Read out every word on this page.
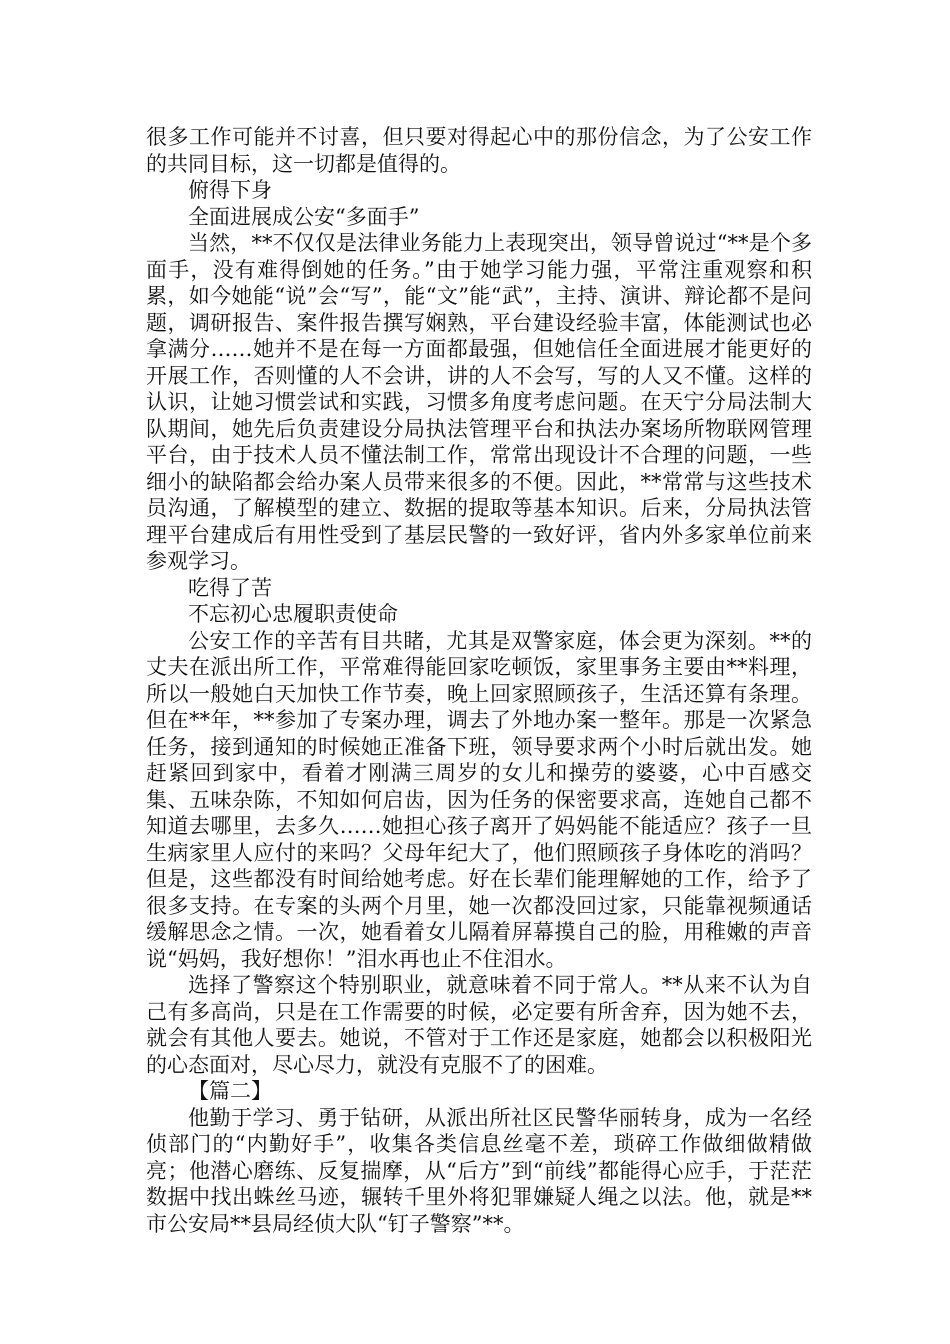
很多工作可能并不讨喜，但只要对得起心中的那份信念，为了公安工作的共同目标，这一切都是值得的。

俯得下身

全面进展成公安“多面手”

当然，**不仅仅是法律业务能力上表现突出，领导曾说过“**是个多面手，没有难得倒她的任务。”由于她学习能力强，平常注重观察和积累，如今她能“说”会“写”，能“文”能“武”，主持、演讲、辩论都不是问题，调研报告、案件报告撰写娴熟，平台建设经验丰富，体能测试也必拿满分……她并不是在每一方面都最强，但她信任全面进展才能更好的开展工作，否则懂的人不会讲，讲的人不会写，写的人又不懂。这样的认识，让她习惯尝试和实践，习惯多角度考虑问题。在天宁分局法制大队期间，她先后负责建设分局执法管理平台和执法办案场所物联网管理平台，由于技术人员不懂法制工作，常常出现设计不合理的问题，一些细小的缺陷都会给办案人员带来很多的不便。因此，**常常与这些技术员沟通，了解模型的建立、数据的提取等基本知识。后来，分局执法管理平台建成后有用性受到了基层民警的一致好评，省内外多家单位前来参观学习。

吃得了苦

不忘初心忠履职责使命

公安工作的辛苦有目共睹，尤其是双警家庭，体会更为深刻。**的丈夫在派出所工作，平常难得能回家吃顿饭，家里事务主要由**料理，所以一般她白天加快工作节奏，晚上回家照顾孩子，生活还算有条理。但在**年，**参加了专案办理，调去了外地办案一整年。那是一次紧急任务，接到通知的时候她正准备下班，领导要求两个小时后就出发。她赶紧回到家中，看着才刚满三周岁的女儿和操劳的婆婆，心中百感交集、五味杂陈，不知如何启齿，因为任务的保密要求高，连她自己都不知道去哪里，去多久……她担心孩子离开了妈妈能不能适应？孩子一旦生病家里人应付的来吗？父母年纪大了，他们照顾孩子身体吃的消吗？但是，这些都没有时间给她考虑。好在长辈们能理解她的工作，给予了很多支持。在专案的头两个月里，她一次都没回过家，只能靠视频通话缓解思念之情。一次，她看着女儿隔着屏幕摸自己的脸，用稚嫩的声音说“妈妈，我好想你！”泪水再也止不住泪水。

选择了警察这个特别职业，就意味着不同于常人。**从来不认为自己有多高尚，只是在工作需要的时候，必定要有所舍弃，因为她不去，就会有其他人要去。她说，不管对于工作还是家庭，她都会以积极阳光的心态面对，尽心尽力，就没有克服不了的困难。

【篇二】

他勤于学习、勇于钻研，从派出所社区民警华丽转身，成为一名经侦部门的“内勤好手”，收集各类信息丝毫不差，琐碎工作做细做精做亮；他潜心磨练、反复揣摩，从“后方”到“前线”都能得心应手，于茫茫数据中找出蛛丝马迹，辗转千里外将犯罪嫌疑人绳之以法。他，就是**市公安局**县局经侦大队“钉子警察”**。
